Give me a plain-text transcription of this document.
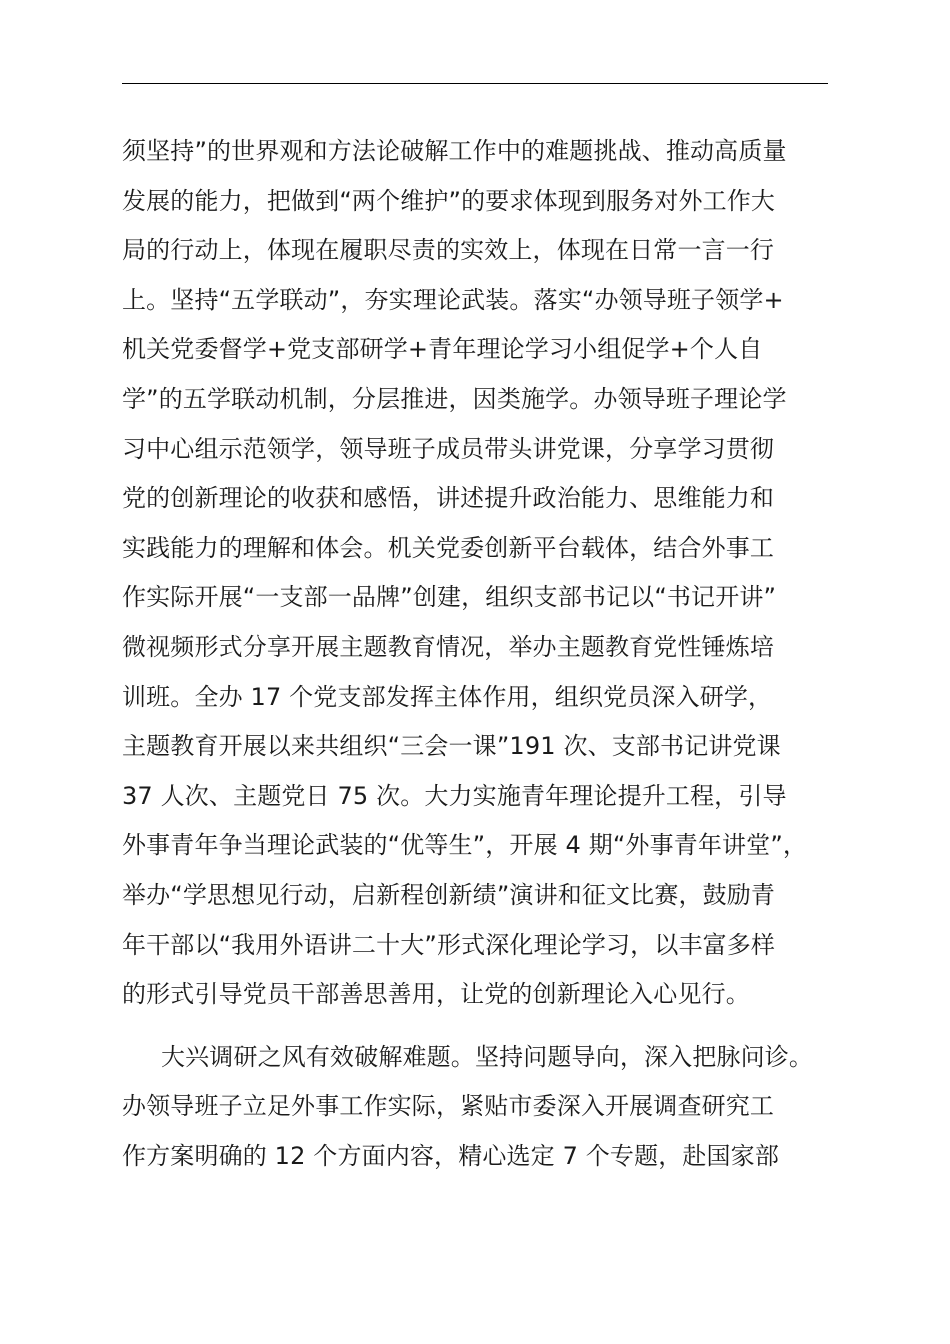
须坚持”的世界观和方法论破解工作中的难题挑战、推动高质量
发展的能力，把做到“两个维护”的要求体现到服务对外工作大
局的行动上，体现在履职尽责的实效上，体现在日常一言一行
上。坚持“五学联动”，夯实理论武装。落实“办领导班子领学+
机关党委督学+党支部研学+青年理论学习小组促学+个人自
学”的五学联动机制，分层推进，因类施学。办领导班子理论学
习中心组示范领学，领导班子成员带头讲党课，分享学习贯彻
党的创新理论的收获和感悟，讲述提升政治能力、思维能力和
实践能力的理解和体会。机关党委创新平台载体，结合外事工
作实际开展“一支部一品牌”创建，组织支部书记以“书记开讲”
微视频形式分享开展主题教育情况，举办主题教育党性锤炼培
训班。全办 17 个党支部发挥主体作用，组织党员深入研学，
主题教育开展以来共组织“三会一课”191 次、支部书记讲党课
37 人次、主题党日 75 次。大力实施青年理论提升工程，引导
外事青年争当理论武装的“优等生”，开展 4 期“外事青年讲堂”，
举办“学思想见行动，启新程创新绩”演讲和征文比赛，鼓励青
年干部以“我用外语讲二十大”形式深化理论学习，以丰富多样
的形式引导党员干部善思善用，让党的创新理论入心见行。
大兴调研之风有效破解难题。坚持问题导向，深入把脉问诊。
办领导班子立足外事工作实际，紧贴市委深入开展调查研究工
作方案明确的 12 个方面内容，精心选定 7 个专题，赴国家部
